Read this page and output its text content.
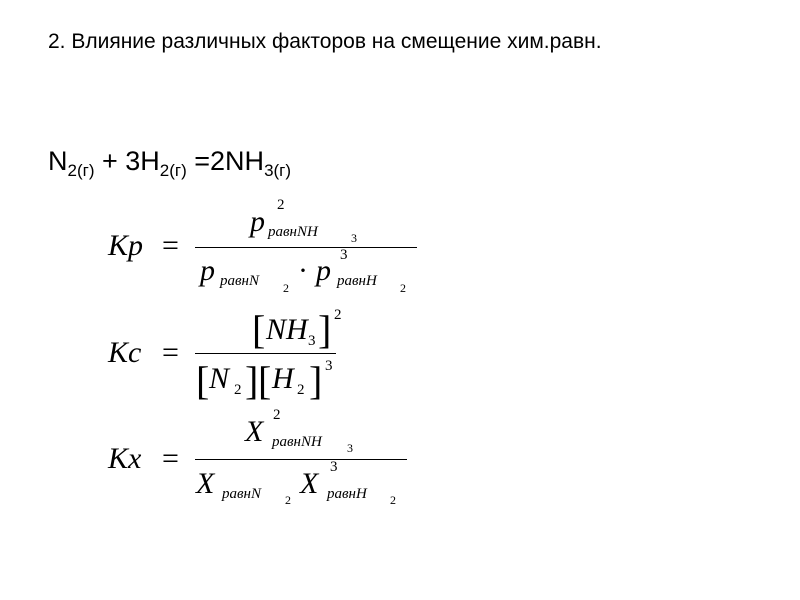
2. Влияние различных факторов на смещение хим.равн.
$N_{2(г)} + 3H_{2(г)} =2NH_{3(г)}$
Kp =
p 2
равнNH	3
p равнN 2
· p 3
равнH 2
Kc =
[ NH 3 ] 2
[ N 2 ] [ H 2 ] 3
Kx =
X 2
равнNH 3
X равнN 2 X 3
равнH 2
